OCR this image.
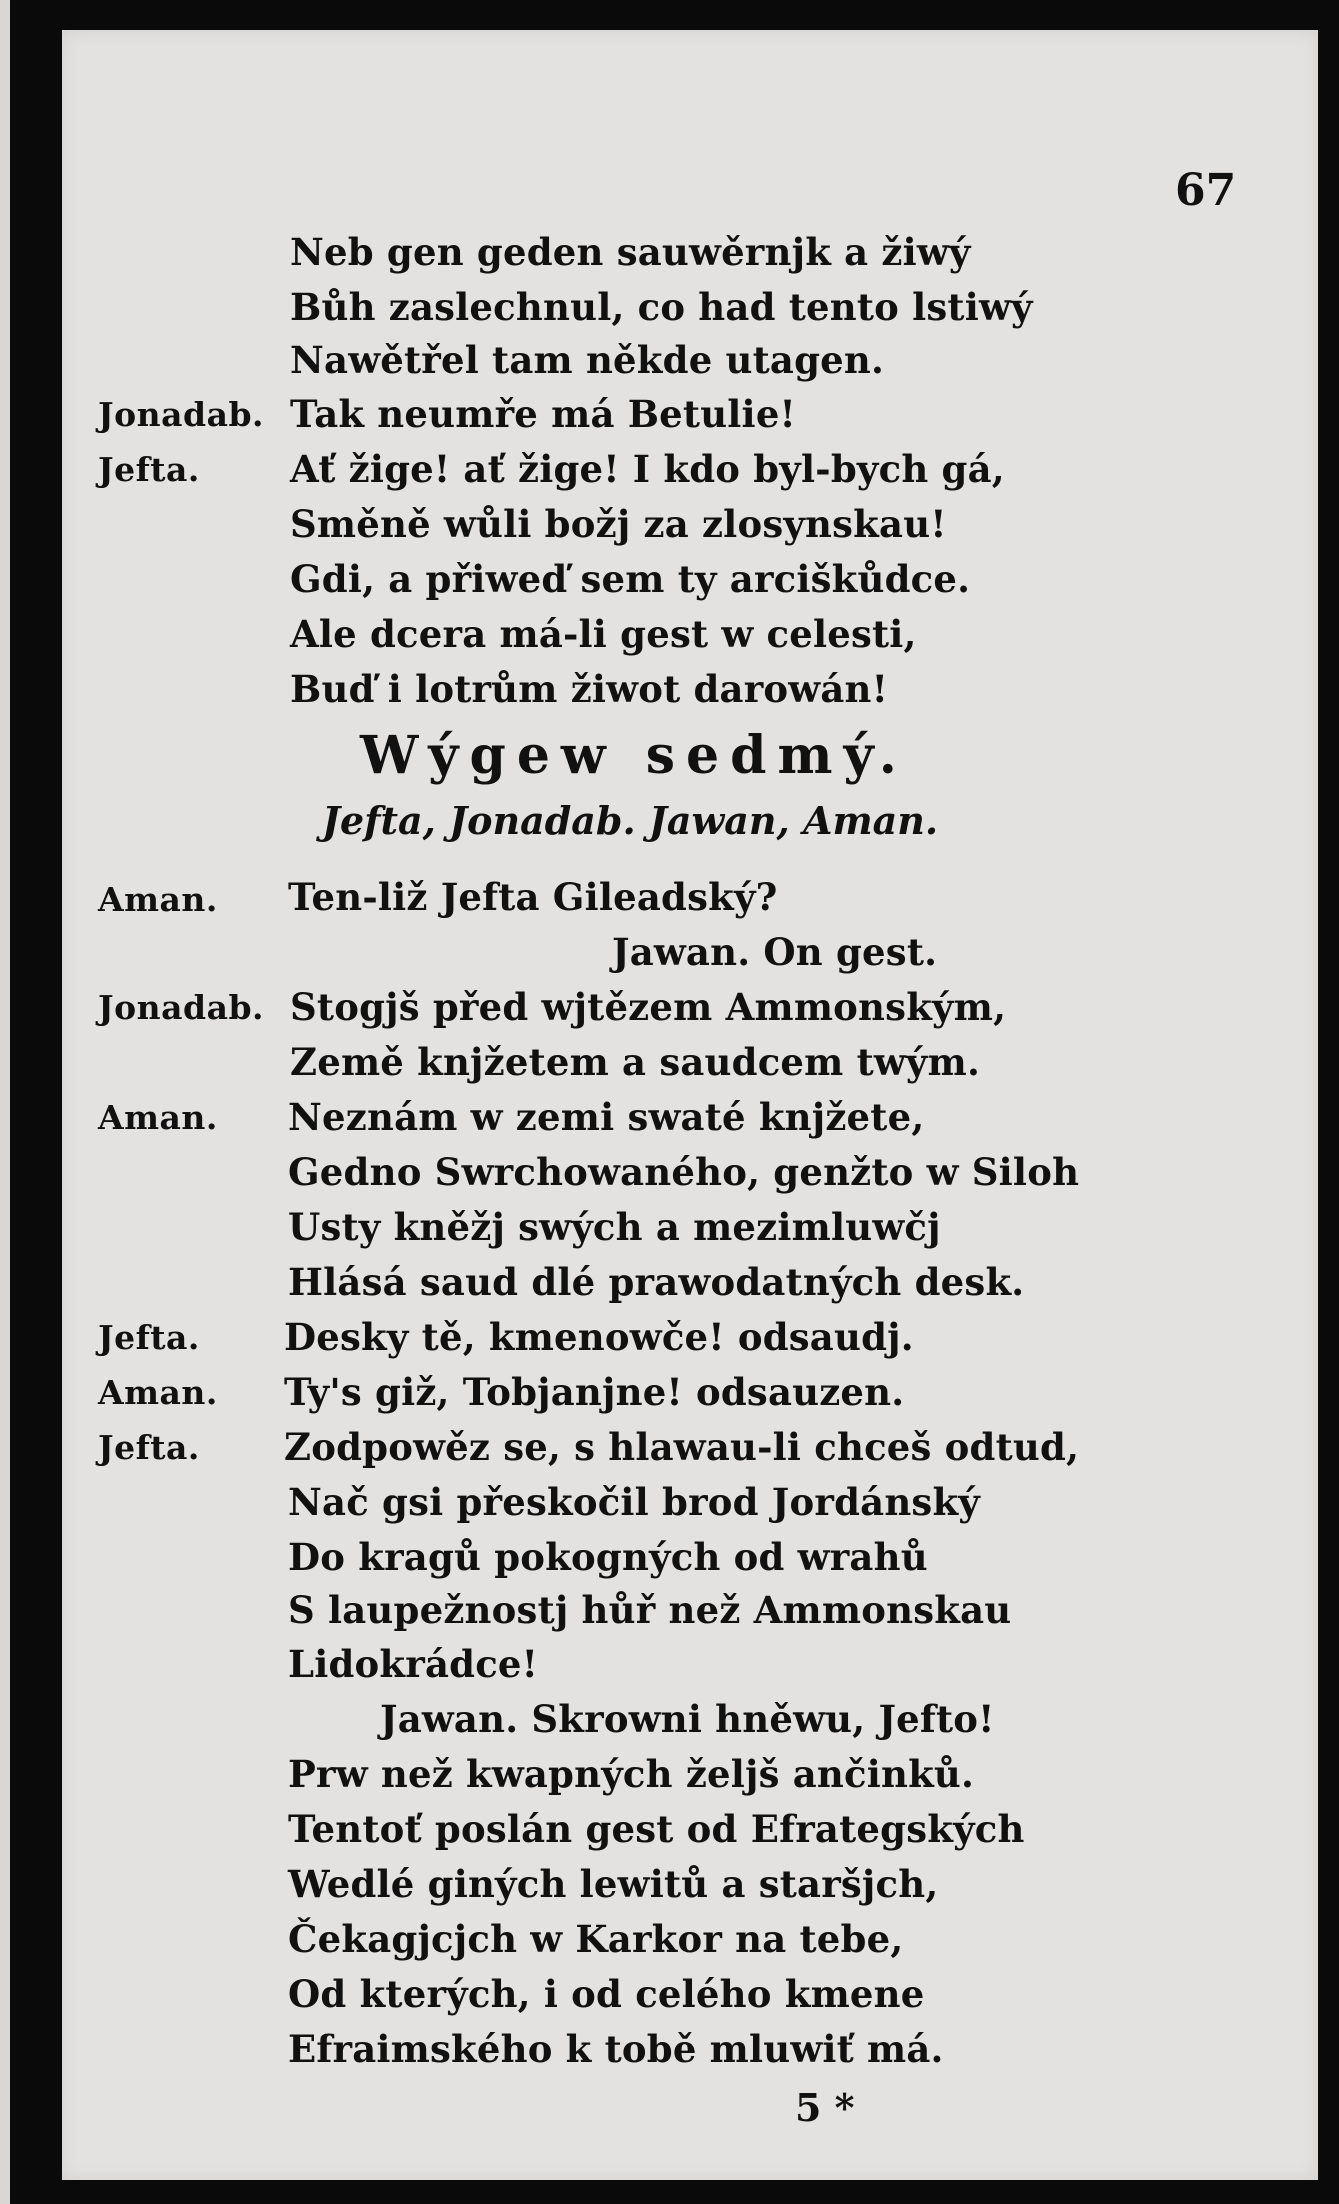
67
Neb gen geden sauwěrnjk a žiwý
Bůh zaslechnul, co had tento lstiwý
Nawětřel tam někde utagen.
Jonadab. Tak neumře má Betulie!
Jefta. Ať žige! ať žige! I kdo byl-bych gá,
Směně wůli božj za zlosynskau!
Gdi, a přiweď sem ty arciškůdce.
Ale dcera má-li gest w celesti,
Buď i lotrům žiwot darowán!
Wýgew sedmý.
Jefta, Jonadab. Jawan, Aman.
Aman. Ten-liž Jefta Gileadský?
Jawan. On gest.
Jonadab. Stogjš před wjtězem Ammonským,
Země knjžetem a saudcem twým.
Aman. Neznám w zemi swaté knjžete,
Gedno Swrchowaného, genžto w Siloh
Usty kněžj swých a mezimluwčj
Hlásá saud dlé prawodatných desk.
Jefta. Desky tě, kmenowče! odsaudj.
Aman. Ty's giž, Tobjanjne! odsauzen.
Jefta. Zodpowěz se, s hlawau-li chceš odtud,
Nač gsi přeskočil brod Jordánský
Do kragů pokogných od wrahů
S laupežnostj hůř než Ammonskau
Lidokrádce!
Jawan. Skrowni hněwu, Jefto!
Prw než kwapných željš ančinků.
Tentoť poslán gest od Efrategských
Wedlé giných lewitů a staršjch,
Čekagjcjch w Karkor na tebe,
Od kterých, i od celého kmene
Efraimského k tobě mluwiť má.
5 *
